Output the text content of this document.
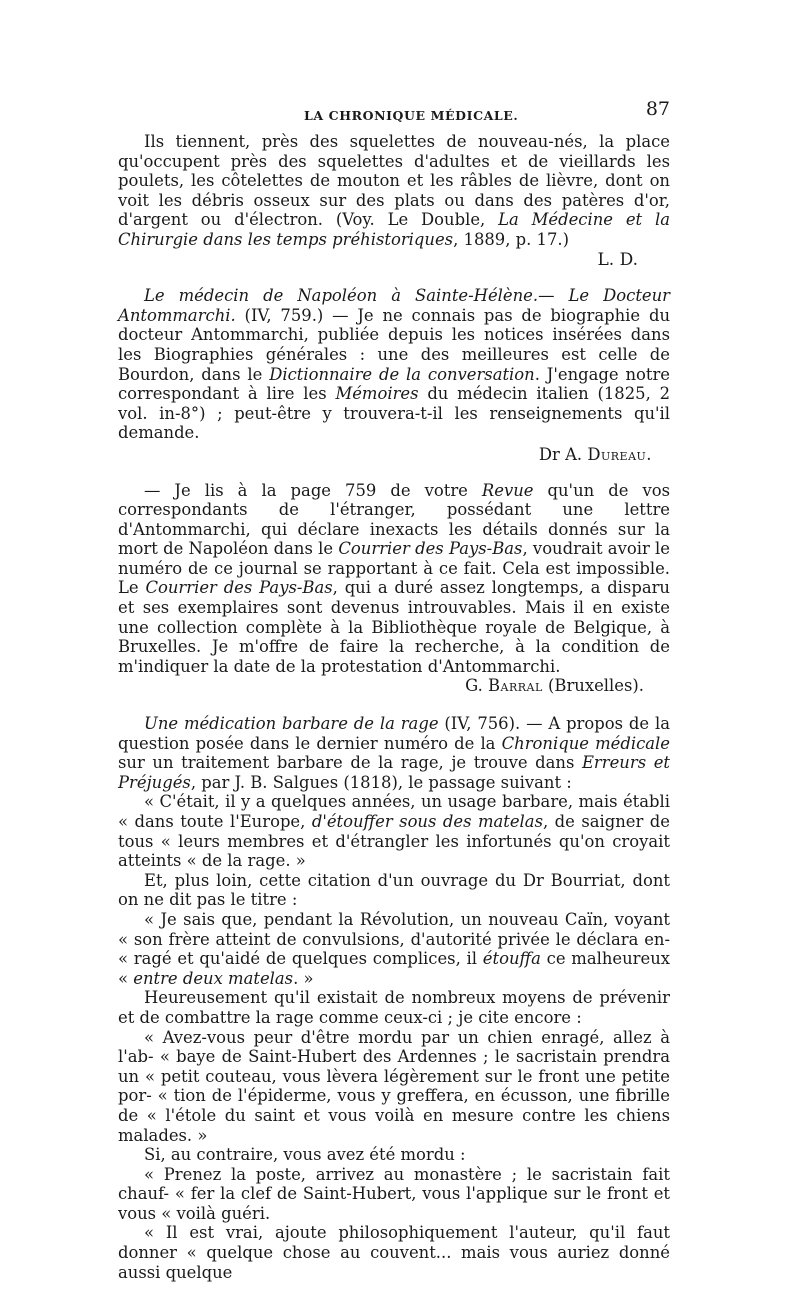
LA CHRONIQUE MÉDICALE.	87

Ils tiennent, près des squelettes de nouveau-nés, la place qu'occupent près des squelettes d'adultes et de vieillards les poulets, les côtelettes de mouton et les râbles de lièvre, dont on voit les débris osseux sur des plats ou dans des patères d'or, d'argent ou d'électron. (Voy. Le Double, La Médecine et la Chirurgie dans les temps préhistoriques, 1889, p. 17.)

L. D.

Le médecin de Napoléon à Sainte-Hélène.— Le Docteur Antommarchi. (IV, 759.) — Je ne connais pas de biographie du docteur Antommarchi, publiée depuis les notices insérées dans les Biographies générales : une des meilleures est celle de Bourdon, dans le Dictionnaire de la conversation. J'engage notre correspondant à lire les Mémoires du médecin italien (1825, 2 vol. in-8°) ; peut-être y trouvera-t-il les renseignements qu'il demande.

Dr A. Dureau.

— Je lis à la page 759 de votre Revue qu'un de vos correspondants de l'étranger, possédant une lettre d'Antommarchi, qui déclare inexacts les détails donnés sur la mort de Napoléon dans le Courrier des Pays-Bas, voudrait avoir le numéro de ce journal se rapportant à ce fait. Cela est impossible. Le Courrier des Pays-Bas, qui a duré assez longtemps, a disparu et ses exemplaires sont devenus introuvables. Mais il en existe une collection complète à la Bibliothèque royale de Belgique, à Bruxelles. Je m'offre de faire la recherche, à la condition de m'indiquer la date de la protestation d'Antommarchi.

G. Barral (Bruxelles).

Une médication barbare de la rage (IV, 756). — A propos de la question posée dans le dernier numéro de la Chronique médicale sur un traitement barbare de la rage, je trouve dans Erreurs et Préjugés, par J. B. Salgues (1818), le passage suivant :

« C'était, il y a quelques années, un usage barbare, mais établi « dans toute l'Europe, d'étouffer sous des matelas, de saigner de tous « leurs membres et d'étrangler les infortunés qu'on croyait atteints « de la rage. »

Et, plus loin, cette citation d'un ouvrage du Dr Bourriat, dont on ne dit pas le titre :

« Je sais que, pendant la Révolution, un nouveau Caïn, voyant « son frère atteint de convulsions, d'autorité privée le déclara en- « ragé et qu'aidé de quelques complices, il étouffa ce malheureux « entre deux matelas. »

Heureusement qu'il existait de nombreux moyens de prévenir et de combattre la rage comme ceux-ci ; je cite encore :

« Avez-vous peur d'être mordu par un chien enragé, allez à l'ab- « baye de Saint-Hubert des Ardennes ; le sacristain prendra un « petit couteau, vous lèvera légèrement sur le front une petite por- « tion de l'épiderme, vous y greffera, en écusson, une fibrille de « l'étole du saint et vous voilà en mesure contre les chiens malades. »

Si, au contraire, vous avez été mordu :

« Prenez la poste, arrivez au monastère ; le sacristain fait chauf- « fer la clef de Saint-Hubert, vous l'applique sur le front et vous « voilà guéri.

« Il est vrai, ajoute philosophiquement l'auteur, qu'il faut donner « quelque chose au couvent... mais vous auriez donné aussi quelque
